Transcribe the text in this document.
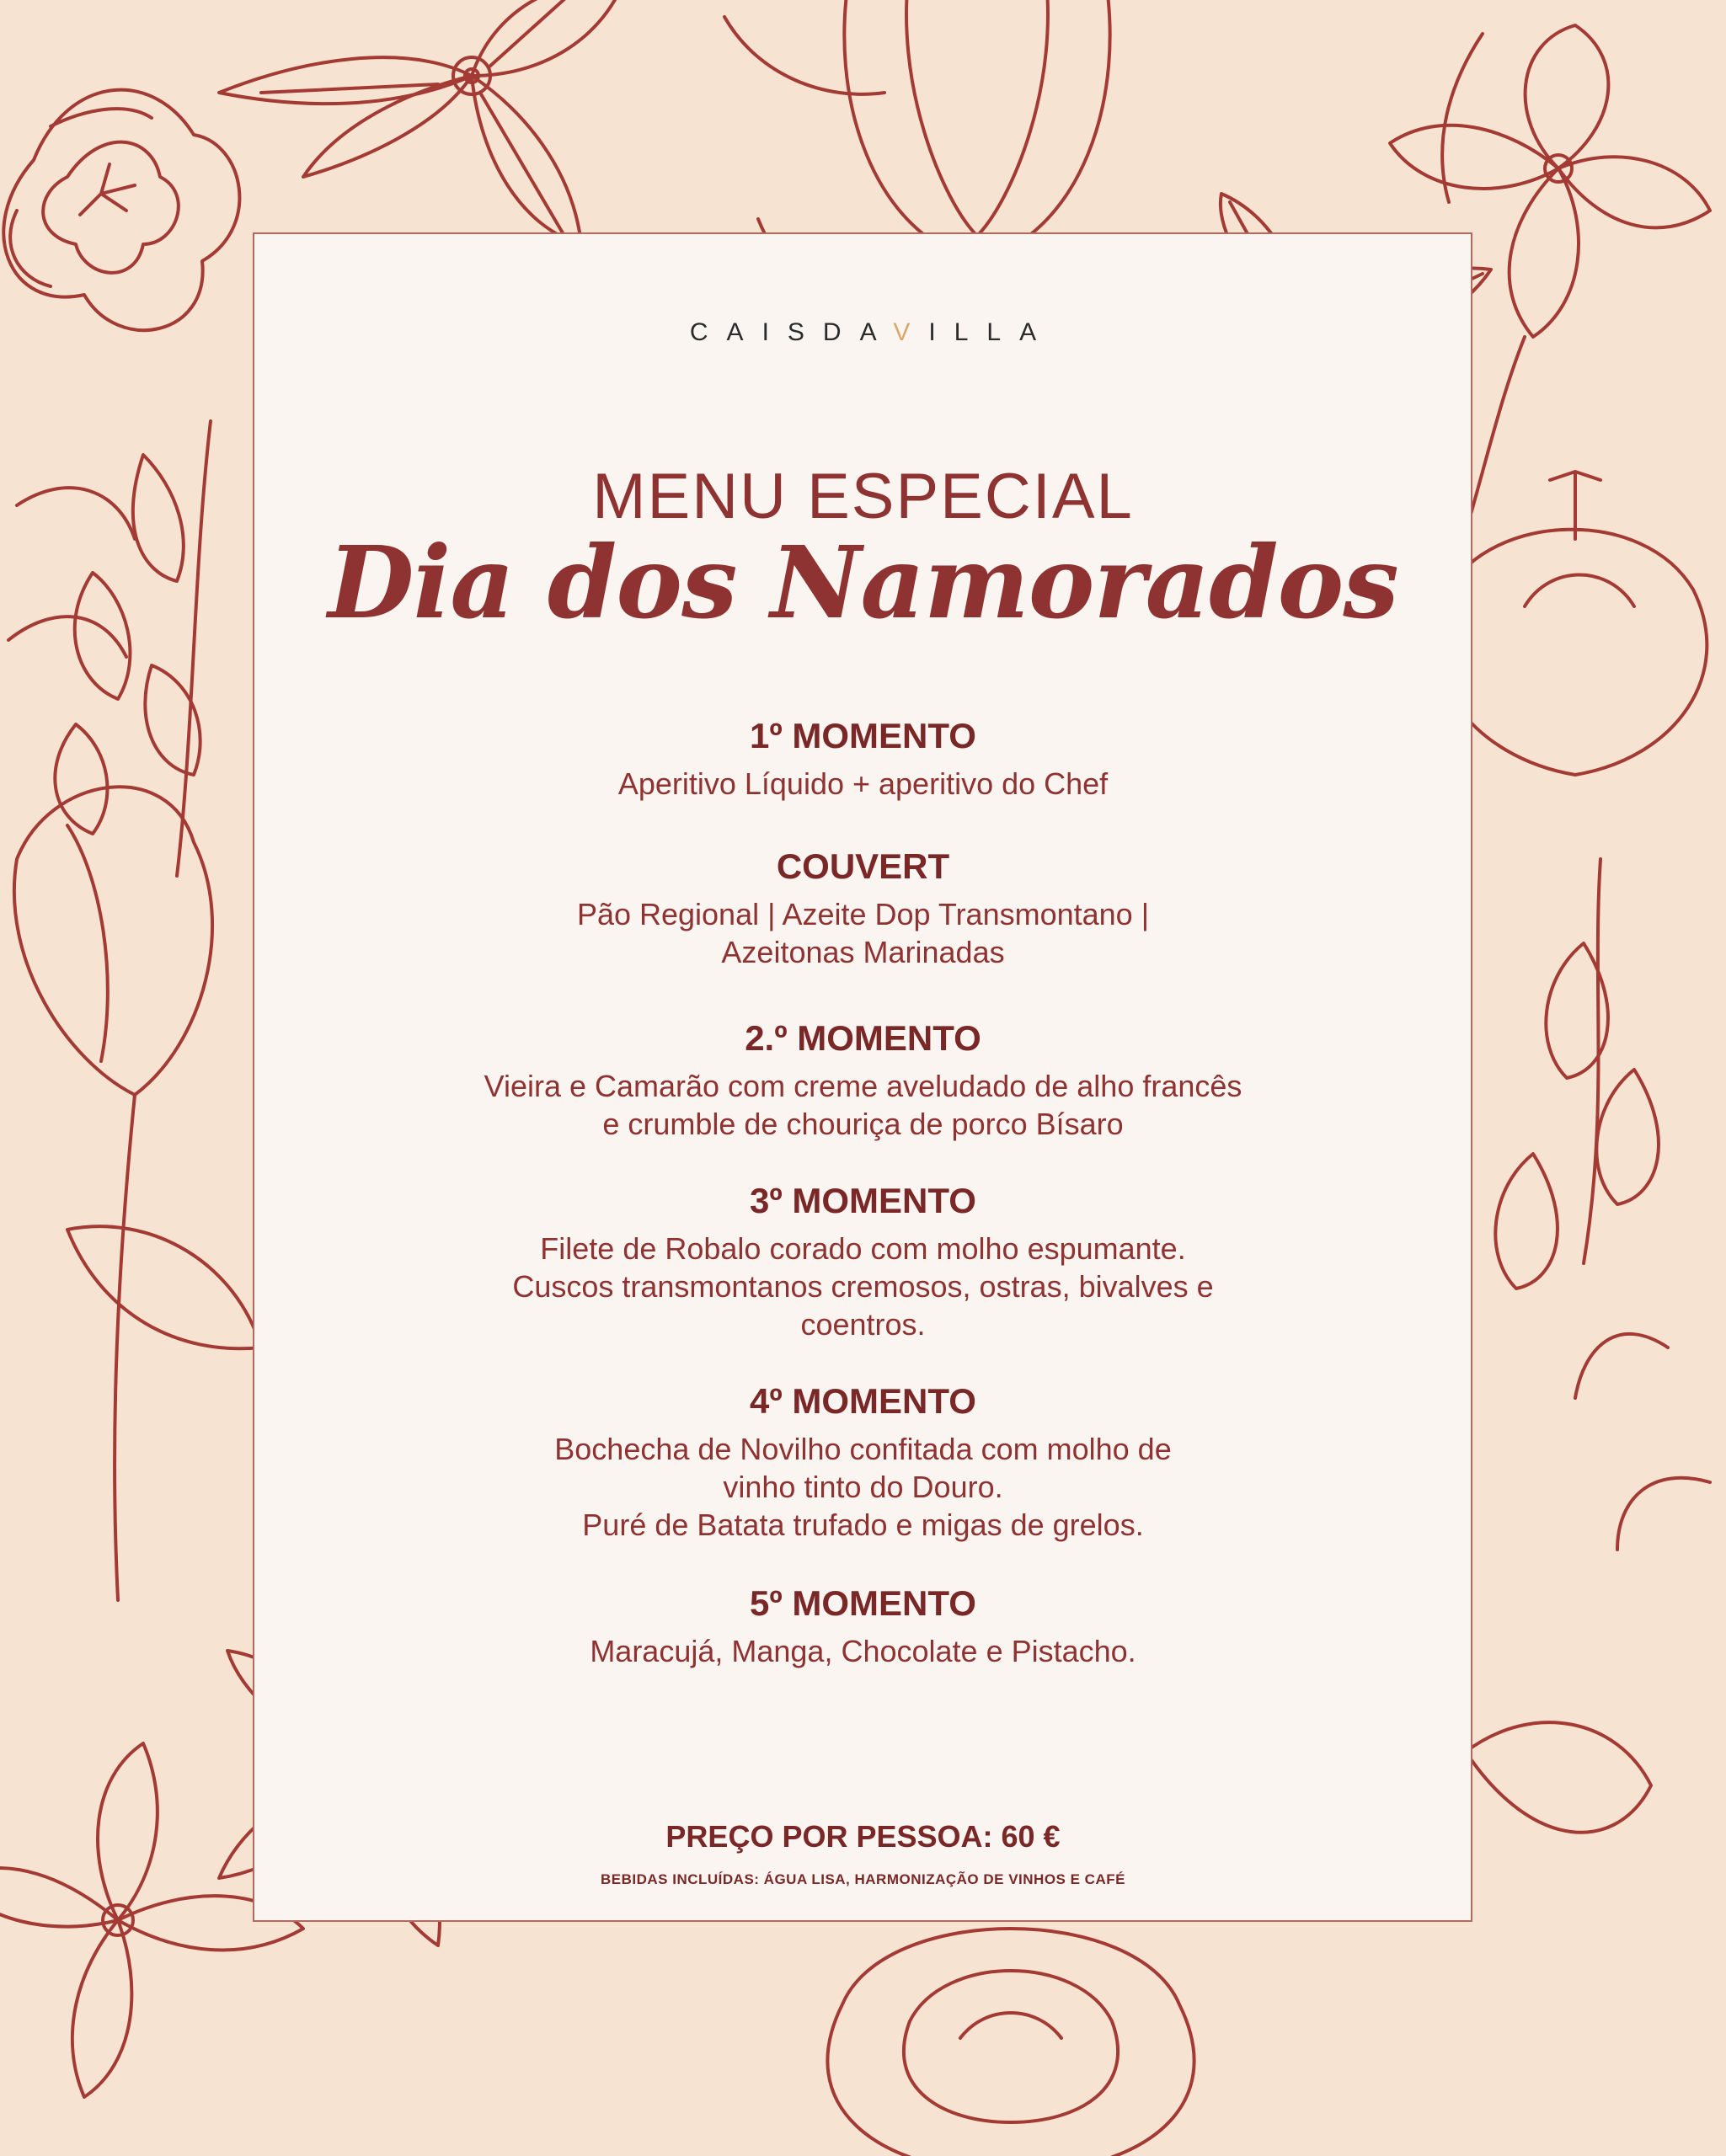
CAISDAVILLA
MENU ESPECIAL
Dia dos Namorados
1º MOMENTO
Aperitivo Líquido + aperitivo do Chef
COUVERT
Pão Regional | Azeite Dop Transmontano |
Azeitonas Marinadas
2.º MOMENTO
Vieira e Camarão com creme aveludado de alho francês
e crumble de chouriça de porco Bísaro
3º MOMENTO
Filete de Robalo corado com molho espumante.
Cuscos transmontanos cremosos, ostras, bivalves e
coentros.
4º MOMENTO
Bochecha de Novilho confitada com molho de
vinho tinto do Douro.
Puré de Batata trufado e migas de grelos.
5º MOMENTO
Maracujá, Manga, Chocolate e Pistacho.
PREÇO POR PESSOA: 60 €
BEBIDAS INCLUÍDAS: ÁGUA LISA, HARMONIZAÇÃO DE VINHOS E CAFÉ
